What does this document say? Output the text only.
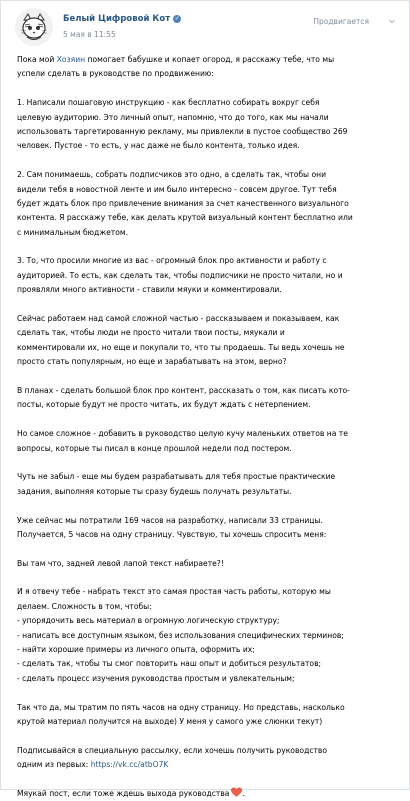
Белый Цифровой Кот ✓
5 мая в 11:55
Продвигается ⌄
Пока мой Хозяин помогает бабушке и копает огород, я расскажу тебе, что мы
успели сделать в руководстве по продвижению:
1. Написали пошаговую инструкцию - как бесплатно собирать вокруг себя
целевую аудиторию. Это личный опыт, напомню, что до того, как мы начали
использовать таргетированную рекламу, мы привлекли в пустое сообщество 269
человек. Пустое - то есть, у нас даже не было контента, только идея.
2. Сам понимаешь, собрать подписчиков это одно, а сделать так, чтобы они
видели тебя в новостной ленте и им было интересно - совсем другое. Тут тебя
будет ждать блок про привлечение внимания за счет качественного визуального
контента. Я расскажу тебе, как делать крутой визуальный контент бесплатно или
с минимальным бюджетом.
3. То, что просили многие из вас - огромный блок про активности и работу с
аудиторией. То есть, как сделать так, чтобы подписчики не просто читали, но и
проявляли много активности - ставили мяуки и комментировали.
Сейчас работаем над самой сложной частью - рассказываем и показываем, как
сделать так, чтобы люди не просто читали твои посты, мяукали и
комментировали их, но еще и покупали то, что ты продаешь. Ты ведь хочешь не
просто стать популярным, но еще и зарабатывать на этом, верно?
В планах - сделать большой блок про контент, рассказать о том, как писать кото-
посты, которые будут не просто читать, их будут ждать с нетерпением.
Но самое сложное - добавить в руководство целую кучу маленьких ответов на те
вопросы, которые ты писал в конце прошлой недели под постером.
Чуть не забыл - еще мы будем разрабатывать для тебя простые практические
задания, выполняя которые ты сразу будешь получать результаты.
Уже сейчас мы потратили 169 часов на разработку, написали 33 страницы.
Получается, 5 часов на одну страницу. Чувствую, ты хочешь спросить меня:
Вы там что, задней левой лапой текст набираете?!
И я отвечу тебе - набрать текст это самая простая часть работы, которую мы
делаем. Сложность в том, чтобы:
- упорядочить весь материал в огромную логическую структуру;
- написать все доступным языком, без использования специфических терминов;
- найти хорошие примеры из личного опыта, оформить их;
- сделать так, чтобы ты смог повторить наш опыт и добиться результатов;
- сделать процесс изучения руководства простым и увлекательным;
Так что да, мы тратим по пять часов на одну страницу. Но представь, насколько
крутой материал получится на выходе) У меня у самого уже слюнки текут)
Подписывайся в специальную рассылку, если хочешь получить руководство
одним из первых: https://vk.cc/atbO7K
Мяукай пост, если тоже ждешь выхода руководства .
